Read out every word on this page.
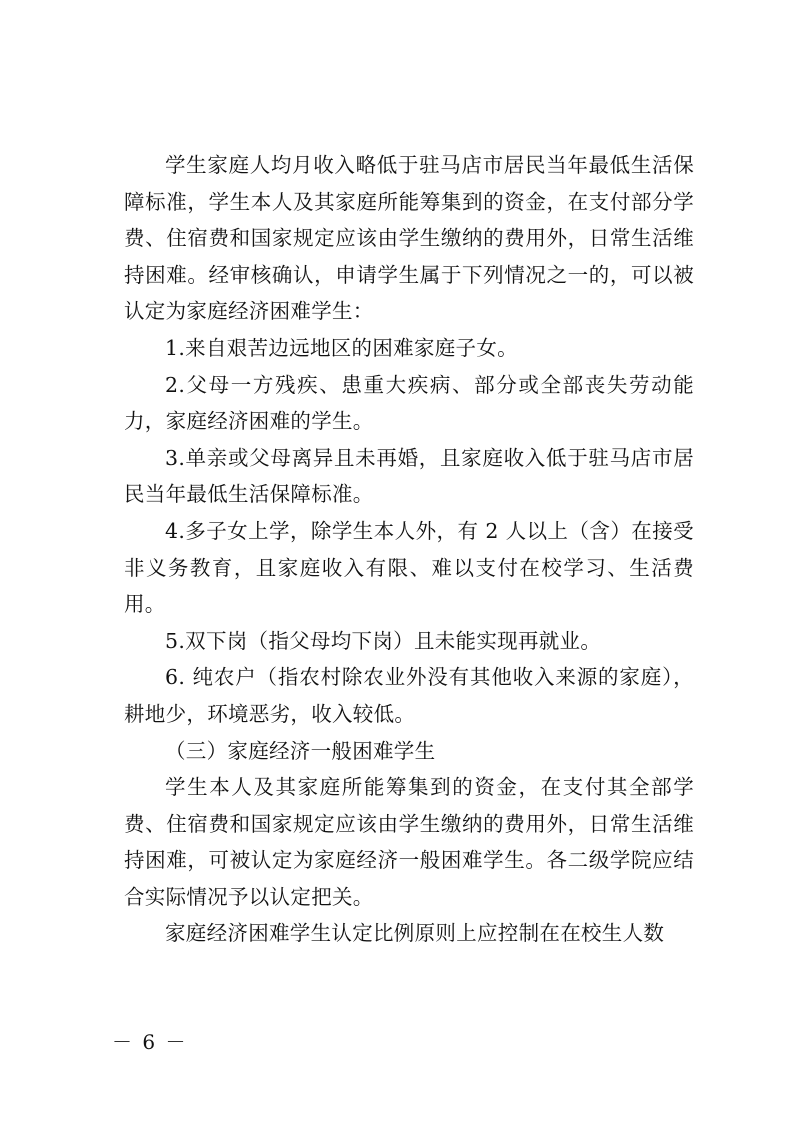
学生家庭人均月收入略低于驻马店市居民当年最低生活保障标准，学生本人及其家庭所能筹集到的资金，在支付部分学费、住宿费和国家规定应该由学生缴纳的费用外，日常生活维持困难。经审核确认，申请学生属于下列情况之一的，可以被认定为家庭经济困难学生：

1.来自艰苦边远地区的困难家庭子女。

2.父母一方残疾、患重大疾病、部分或全部丧失劳动能力，家庭经济困难的学生。

3.单亲或父母离异且未再婚，且家庭收入低于驻马店市居民当年最低生活保障标准。

4.多子女上学，除学生本人外，有 2 人以上（含）在接受非义务教育，且家庭收入有限、难以支付在校学习、生活费用。

5.双下岗（指父母均下岗）且未能实现再就业。

6. 纯农户（指农村除农业外没有其他收入来源的家庭），耕地少，环境恶劣，收入较低。

（三）家庭经济一般困难学生

学生本人及其家庭所能筹集到的资金，在支付其全部学费、住宿费和国家规定应该由学生缴纳的费用外，日常生活维持困难，可被认定为家庭经济一般困难学生。各二级学院应结合实际情况予以认定把关。

家庭经济困难学生认定比例原则上应控制在在校生人数

－ 6 －
